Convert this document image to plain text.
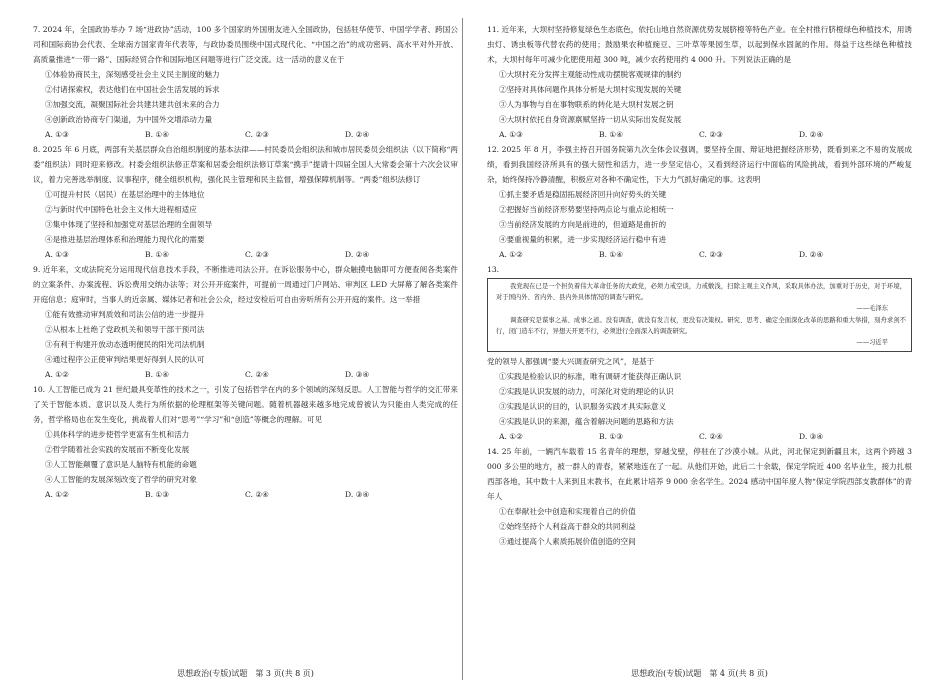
7. 2024 年，全国政协举办 7 场“进政协”活动，100 多个国家的外国朋友进入全国政协，包括驻华使节、中国学学者、跨国公司和国际商协会代表、全球南方国家青年代表等，与政协委员围绕中国式现代化、“中国之治”的成功密码、高水平对外开放、高质量推进“一带一路”、国际经贸合作和国际地区问题等进行广泛交流。这一活动的意义在于

①体验协商民主，深刻感受社会主义民主制度的魅力
②付诸探索权，表达他们在中国社会生活发展的诉求
③加强交流，凝聚国际社会共建共建共创未来的合力
④创新政治协商专门渠道，为中国外交增添动力量
A. ①③	B. ①④	C. ②③	D. ②④

8. 2025 年 6 月底，两部有关基层群众自治组织制度的基本法律——村民委员会组织法和城市居民委员会组织法（以下简称“两委”组织法）同时迎来修改。村委会组织法修正草案和居委会组织法修订草案“携手”提请十四届全国人大常委会第十六次会议审议，着力完善选举制度、议事程序，健全组织机构，强化民主管理和民主监督，增强保障机制等。“两委”组织法修订

①可提升村民（居民）在基层治理中的主体地位
②与新时代中国特色社会主义伟大进程相适应
③集中体现了坚持和加强党对基层治理的全面领导
④是推进基层治理体系和治理能力现代化的需要
A. ①③	B. ①④	C. ②③	D. ②④

9. 近年来，文成法院充分运用现代信息技术手段，不断推进司法公开。在诉讼服务中心，群众触摸电脑即可方便查阅各类案件的立案条件、办案流程、诉讼费用交纳办法等；对公开开庭案件，可提前一周通过门户网站、审判区 LED 大屏幕了解各类案件开庭信息；庭审时，当事人的近亲属、媒体记者和社会公众，经过安检后可自由旁听所有公开开庭的案件。这一举措

①能有效推动审判质效和司法公信的进一步提升
②从根本上杜绝了党政机关和领导干部干预司法
③有利于构建开放动态透明便民的阳光司法机制
④通过程序公正使审判结果更好得到人民的认可
A. ①②	B. ①④	C. ②④	D. ③④

10. 人工智能已成为 21 世纪最具变革性的技术之一，引发了包括哲学在内的多个领域的深刻反思。人工智能与哲学的交汇带来了关于智能本质、意识以及人类行为所依据的伦理框架等关键问题。随着机器越来越多地完成曾被认为只能由人类完成的任务，哲学格局也在发生变化，挑战着人们对“思考”“学习”和“创造”等概念的理解。可见

①具体科学的进步使哲学更富有生机和活力
②哲学随着社会实践的发展而不断变化发展
③人工智能颠覆了意识是人脑特有机能的命题
④人工智能的发展深刻改变了哲学的研究对象
A. ①②	B. ①③	C. ②④	D. ③④

11. 近年来，大坝村坚持修复绿色生态底色，依托山地自然资源优势发展脐橙等特色产业。在全村推行脐橙绿色种植技术，用诱虫灯、诱虫板等代替农药的使用；鼓励果农种植豌豆、三叶草等果园生草，以起到保水固氮的作用。得益于这些绿色种植技术，大坝村每年可减少化肥使用超 300 吨，减少农药使用约 4 000 升。下列说法正确的是

①大坝村充分发挥主观能动性成功摆脱客观规律的制约
②坚持对具体问题作具体分析是大坝村实现发展的关键
③人为事物与自在事物联系的转化是大坝村发展之钥
④大坝村依托自身资源禀赋坚持一切从实际出发促发展
A. ①③	B. ①④	C. ②③	D. ②④

12. 2025 年 8 月，李强主持召开国务院第九次全体会议强调，要坚持全面、辩证地把握经济形势，既看到来之不易的发展成绩，看到我国经济所具有的强大韧性和活力，进一步坚定信心，又看到经济运行中面临的风险挑战，看到外部环境的严峻复杂，始终保持冷静清醒，积极应对各种不确定性，下大力气抓好确定的事。这表明

①抓主要矛盾是稳固拓展经济回升向好势头的关键
②把握好当前经济形势要坚持两点论与重点论相统一
③当前经济发展的方向是前进的，但道路是曲折的
④要重视量的积累，进一步实现经济运行稳中有进
A. ①②	B. ①④	C. ②③	D. ②④

13.

我党现在已是一个担负着伟大革命任务的大政党，必须力戒空谈，力戒敷浅，扫除主观主义作风，采取具体办法，加重对于历史，对于环境，对于国内外、省内外、县内外具体情况的调查与研究。

——毛泽东

调查研究是谋事之基、成事之道。没有调查，就没有发言权，更没有决策权。研究、思考、确定全面深化改革的思路和重大举措，刻舟求剑不行，闭门造车不行，异想天开更不行，必须进行全面深入的调查研究。

——习近平

党的领导人都强调“要大兴调查研究之风”，是基于

①实践是检验认识的标准，唯有调研才能获得正确认识
②实践是认识发展的动力，可深化对党的理论的认识
③实践是认识的目的，认识服务实践才具实际意义
④实践是认识的来源，蕴含着解决问题的思路和方法
A. ①②	B. ①③	C. ②④	D. ③④

14. 25 年前，一辆汽车载着 15 名青年的理想，穿越戈壁，停驻在了沙漠小城。从此，河北保定到新疆且末，这两个跨越 3 000 多公里的地方，被一群人的青春，紧紧地连在了一起。从他们开始，此后二十余载，保定学院近 400 名毕业生，接力扎根西部各地，其中数十人来到且末教书，在此累计培养 9 000 余名学生。2024 感动中国年度人物“保定学院西部支教群体”的青年人

①在奉献社会中创造和实现着自己的价值
②始终坚持个人利益高于群众的共同利益
③通过提高个人素质拓展价值创造的空间
思想政治(专版)试题　第 3 页(共 8 页)	思想政治(专版)试题　第 4 页(共 8 页)
